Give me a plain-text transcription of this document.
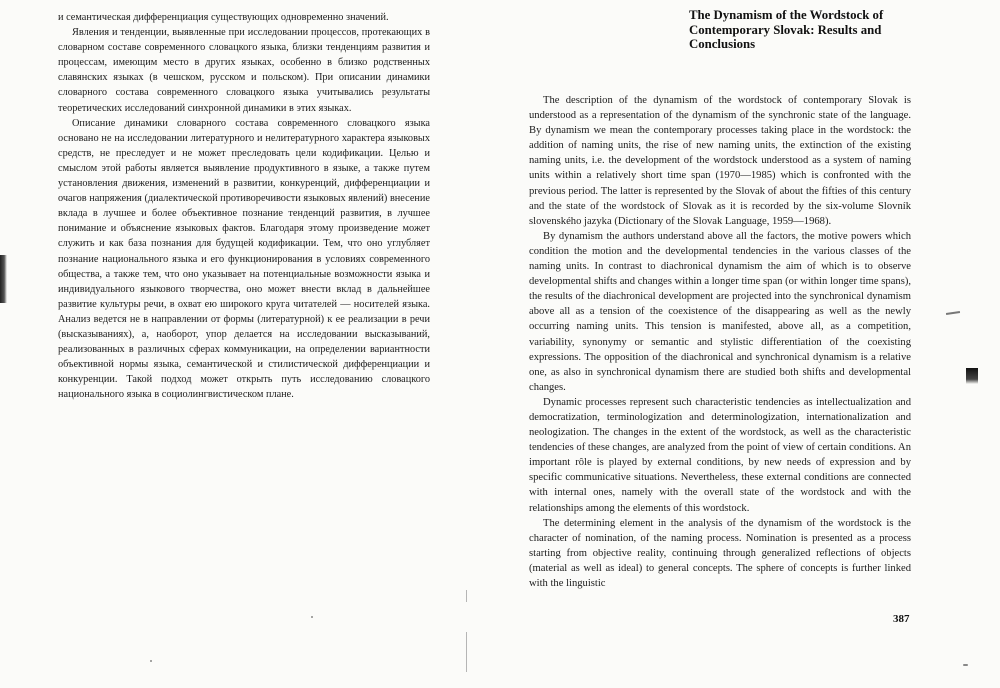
и семантическая дифференциация существующих одновременно значений.

Явления и тенденции, выявленные при исследовании процессов, протекающих в словарном составе современного словацкого языка, близки тенденциям развития и процессам, имеющим место в других языках, особенно в близко родственных славянских языках (в чешском, русском и польском). При описании динамики словарного состава современного словацкого языка учитывались результаты теоретических исследований синхронной динамики в этих языках.

Описание динамики словарного состава современного словацкого языка основано не на исследовании литературного и нелитературного характера языковых средств, не преследует и не может преследовать цели кодификации. Целью и смыслом этой работы является выявление продуктивного в языке, а также путем установления движения, изменений в развитии, конкуренций, дифференциации и очагов напряжения (диалектической противоречивости языковых явлений) внесение вклада в лучшее и более объективное познание тенденций развития, в лучшее понимание и объяснение языковых фактов. Благодаря этому произведение может служить и как база познания для будущей кодификации. Тем, что оно углубляет познание национального языка и его функционирования в условиях современного общества, а также тем, что оно указывает на потенциальные возможности языка и индивидуального языкового творчества, оно может внести вклад в дальнейшее развитие культуры речи, в охват ею широкого круга читателей — носителей языка. Анализ ведется не в направлении от формы (литературной) к ее реализации в речи (высказываниях), а, наоборот, упор делается на исследовании высказываний, реализованных в различных сферах коммуникации, на определении вариантности объективной нормы языка, семантической и стилистической дифференциации и конкуренции. Такой подход может открыть путь исследованию словацкого национального языка в социолингвистическом плане.

The Dynamism of the Wordstock of Contemporary Slovak: Results and Conclusions

The description of the dynamism of the wordstock of contemporary Slovak is understood as a representation of the dynamism of the synchronic state of the language. By dynamism we mean the contemporary processes taking place in the wordstock: the addition of naming units, the rise of new naming units, the extinction of the existing naming units, i.e. the development of the wordstock understood as a system of naming units within a relatively short time span (1970—1985) which is confronted with the previous period. The latter is represented by the Slovak of about the fifties of this century and the state of the wordstock of Slovak as it is recorded by the six-volume Slovník slovenského jazyka (Dictionary of the Slovak Language, 1959—1968).

By dynamism the authors understand above all the factors, the motive powers which condition the motion and the developmental tendencies in the various classes of the naming units. In contrast to diachronical dynamism the aim of which is to observe developmental shifts and changes within a longer time span (or within longer time spans), the results of the diachronical development are projected into the synchronical dynamism above all as a tension of the coexistence of the disappearing as well as the newly occurring naming units. This tension is manifested, above all, as a competition, variability, synonymy or semantic and stylistic differentiation of the coexisting expressions. The opposition of the diachronical and synchronical dynamism is a relative one, as also in synchronical dynamism there are studied both shifts and developmental changes.

Dynamic processes represent such characteristic tendencies as intellectualization and democratization, terminologization and determinologization, internationalization and neologization. The changes in the extent of the wordstock, as well as the characteristic tendencies of these changes, are analyzed from the point of view of certain conditions. An important rôle is played by external conditions, by new needs of expression and by specific communicative situations. Nevertheless, these external conditions are connected with internal ones, namely with the overall state of the wordstock and with the relationships among the elements of this wordstock.

The determining element in the analysis of the dynamism of the wordstock is the character of nomination, of the naming process. Nomination is presented as a process starting from objective reality, continuing through generalized reflections of objects (material as well as ideal) to general concepts. The sphere of concepts is further linked with the linguistic

387
